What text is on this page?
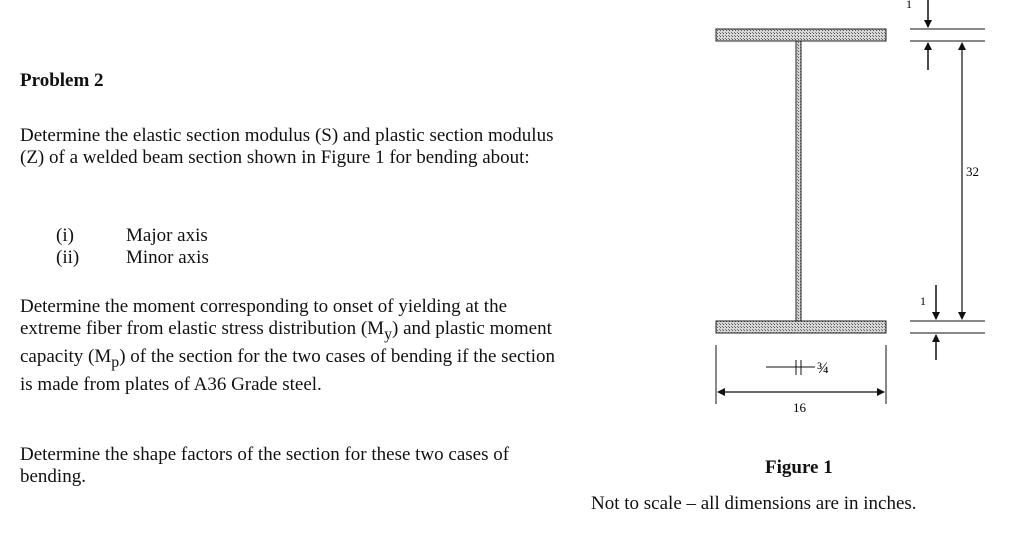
Problem 2
Determine the elastic section modulus (S) and plastic section modulus (Z) of a welded beam section shown in Figure 1 for bending about:
(i)	Major axis
(ii)	Minor axis
Determine the moment corresponding to onset of yielding at the extreme fiber from elastic stress distribution $(M_y)$ and plastic moment capacity $(M_p)$ of the section for the two cases of bending if the section is made from plates of A36 Grade steel.
Determine the shape factors of the section for these two cases of bending.
1
32
1
¾
16
Figure 1
Not to scale – all dimensions are in inches.
